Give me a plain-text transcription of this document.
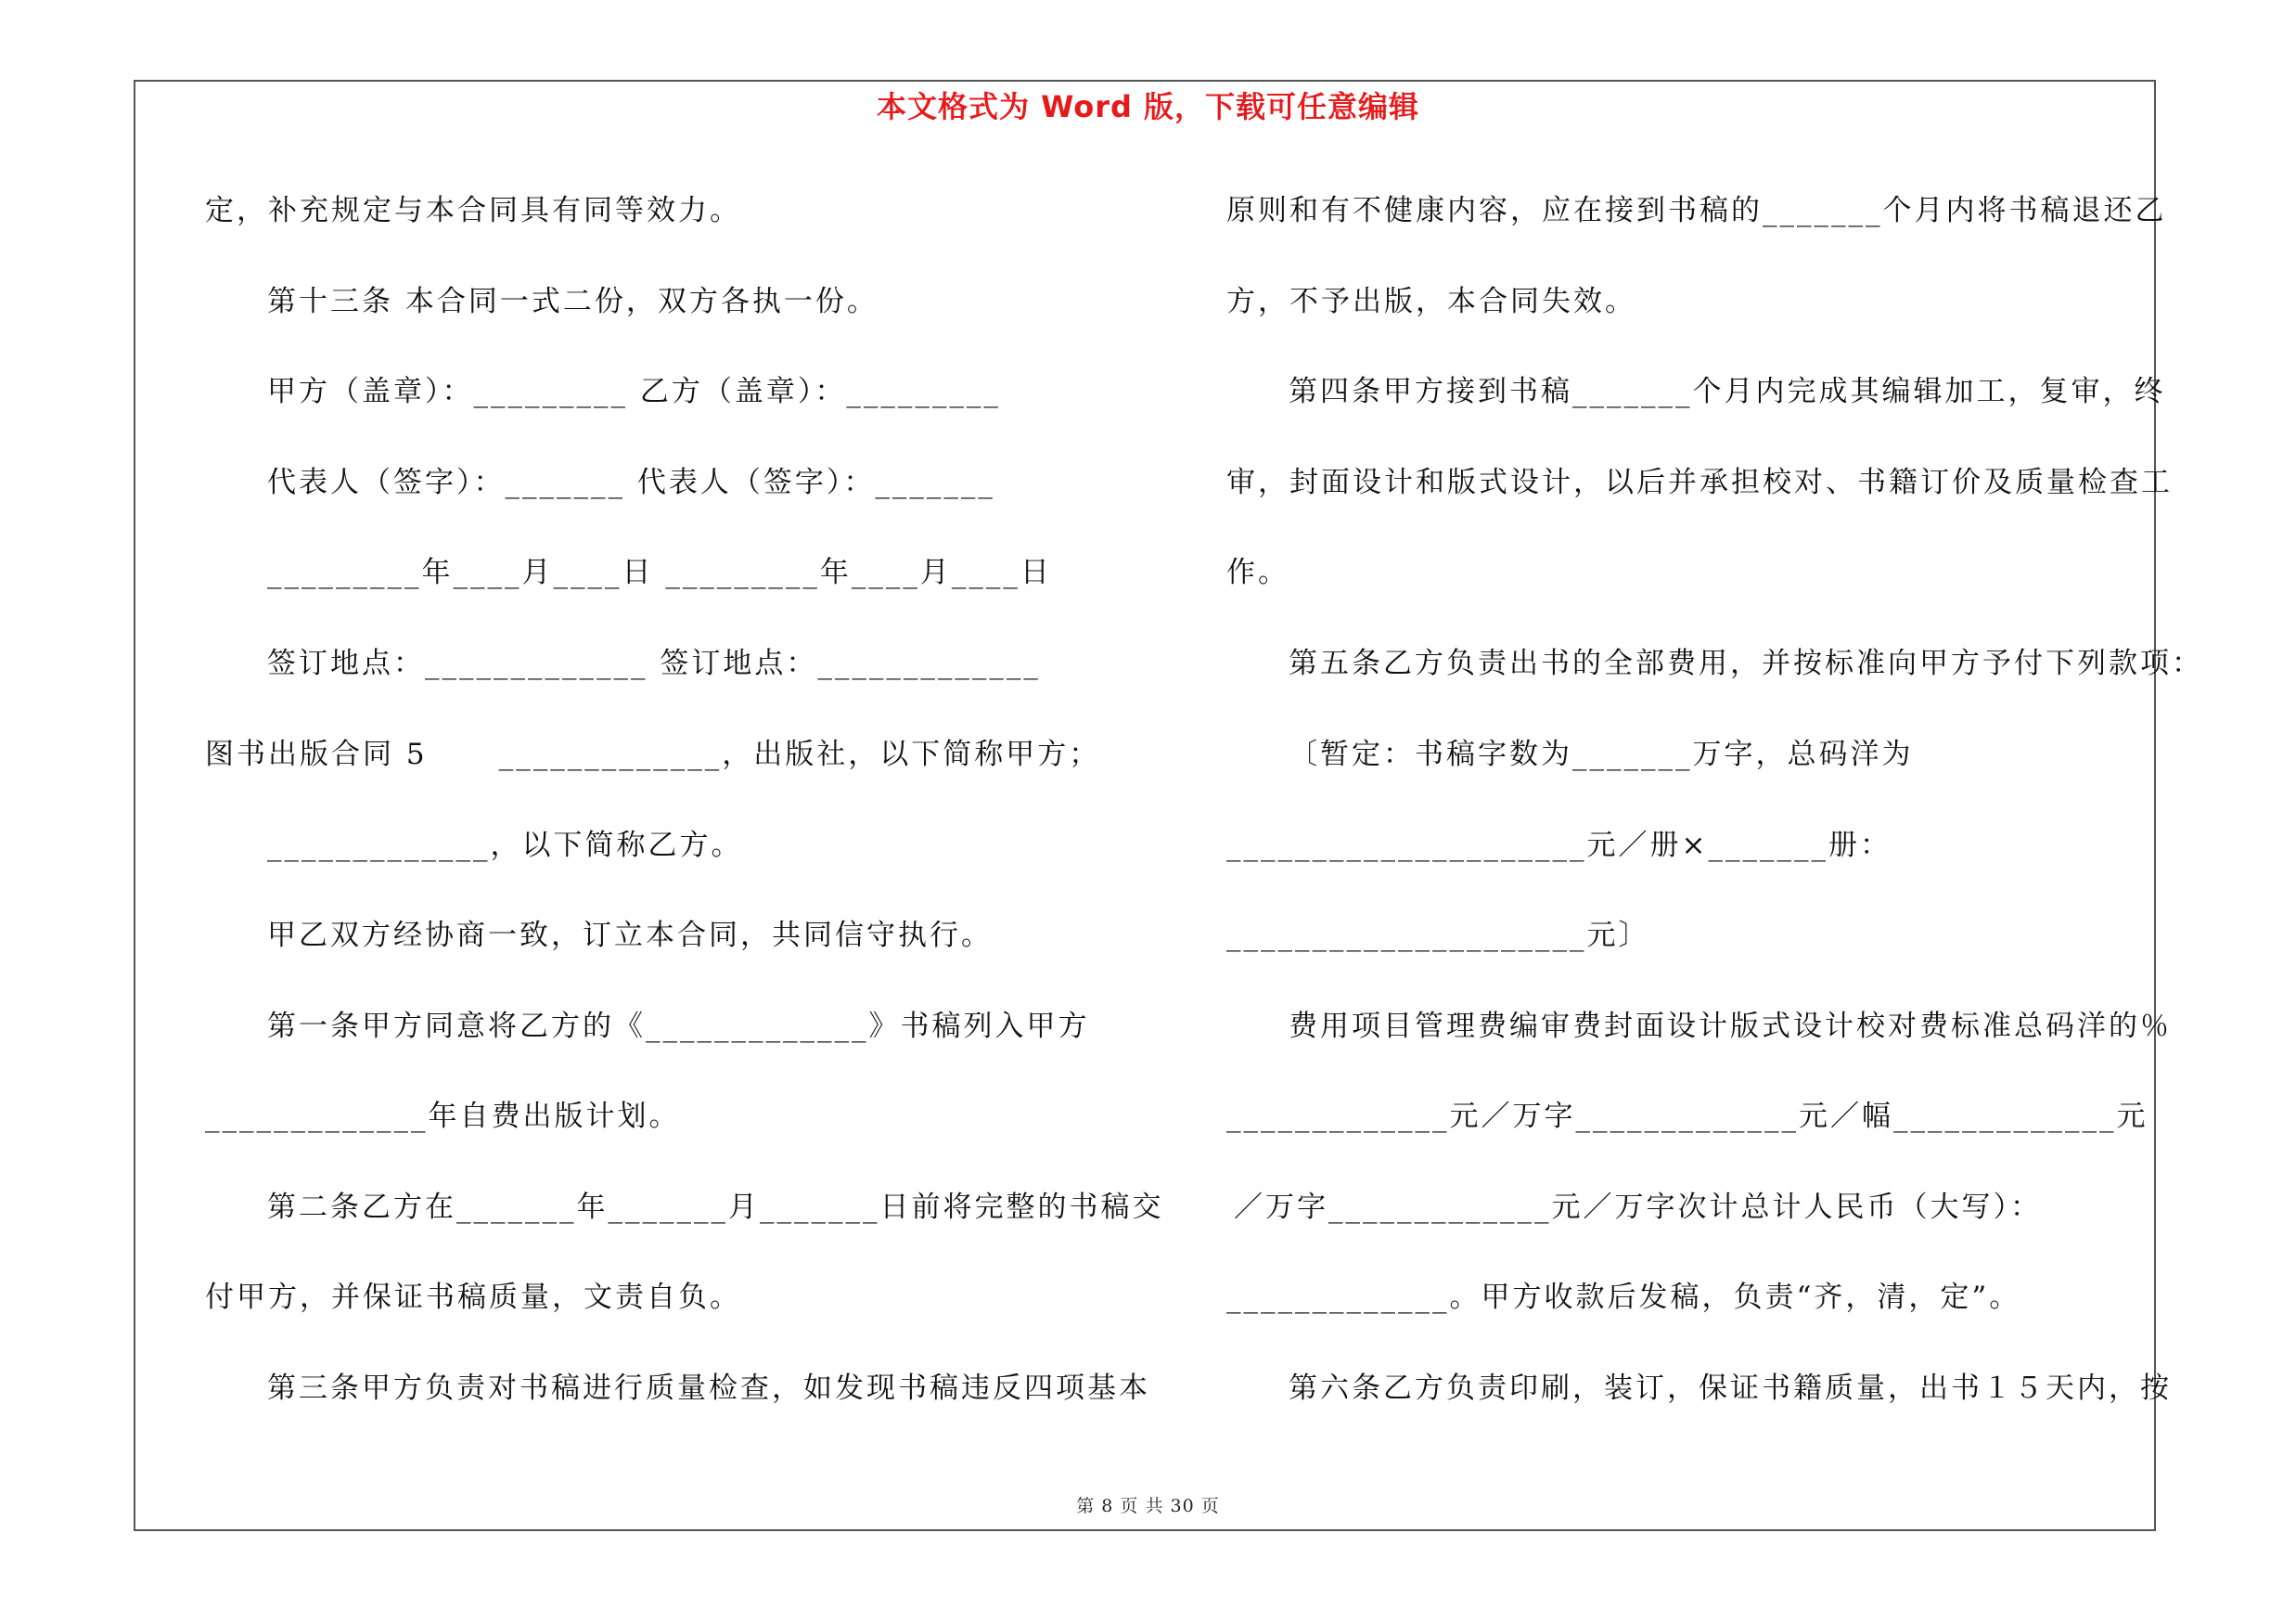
本文格式为 Word 版，下载可任意编辑
定，补充规定与本合同具有同等效力。
第十三条 本合同一式二份，双方各执一份。
甲方（盖章）：_________ 乙方（盖章）：_________
代表人（签字）：_______ 代表人（签字）：_______
_________年____月____日 _________年____月____日
签订地点：_____________ 签订地点：_____________
图书出版合同 5      _____________，出版社，以下简称甲方；
_____________，以下简称乙方。
甲乙双方经协商一致，订立本合同，共同信守执行。
第一条甲方同意将乙方的《_____________》书稿列入甲方
_____________年自费出版计划。
第二条乙方在_______年_______月_______日前将完整的书稿交
付甲方，并保证书稿质量，文责自负。
第三条甲方负责对书稿进行质量检查，如发现书稿违反四项基本
原则和有不健康内容，应在接到书稿的_______个月内将书稿退还乙
方，不予出版，本合同失效。
第四条甲方接到书稿_______个月内完成其编辑加工，复审，终
审，封面设计和版式设计，以后并承担校对、书籍订价及质量检查工
作。
第五条乙方负责出书的全部费用，并按标准向甲方予付下列款项：
〔暂定：书稿字数为_______万字，总码洋为
_____________________元／册×_______册：
_____________________元〕
费用项目管理费编审费封面设计版式设计校对费标准总码洋的％
_____________元／万字_____________元／幅_____________元
／万字_____________元／万字次计总计人民币（大写）：
_____________。甲方收款后发稿，负责“齐，清，定”。
第六条乙方负责印刷，装订，保证书籍质量，出书１５天内，按
第 8 页 共 30 页
